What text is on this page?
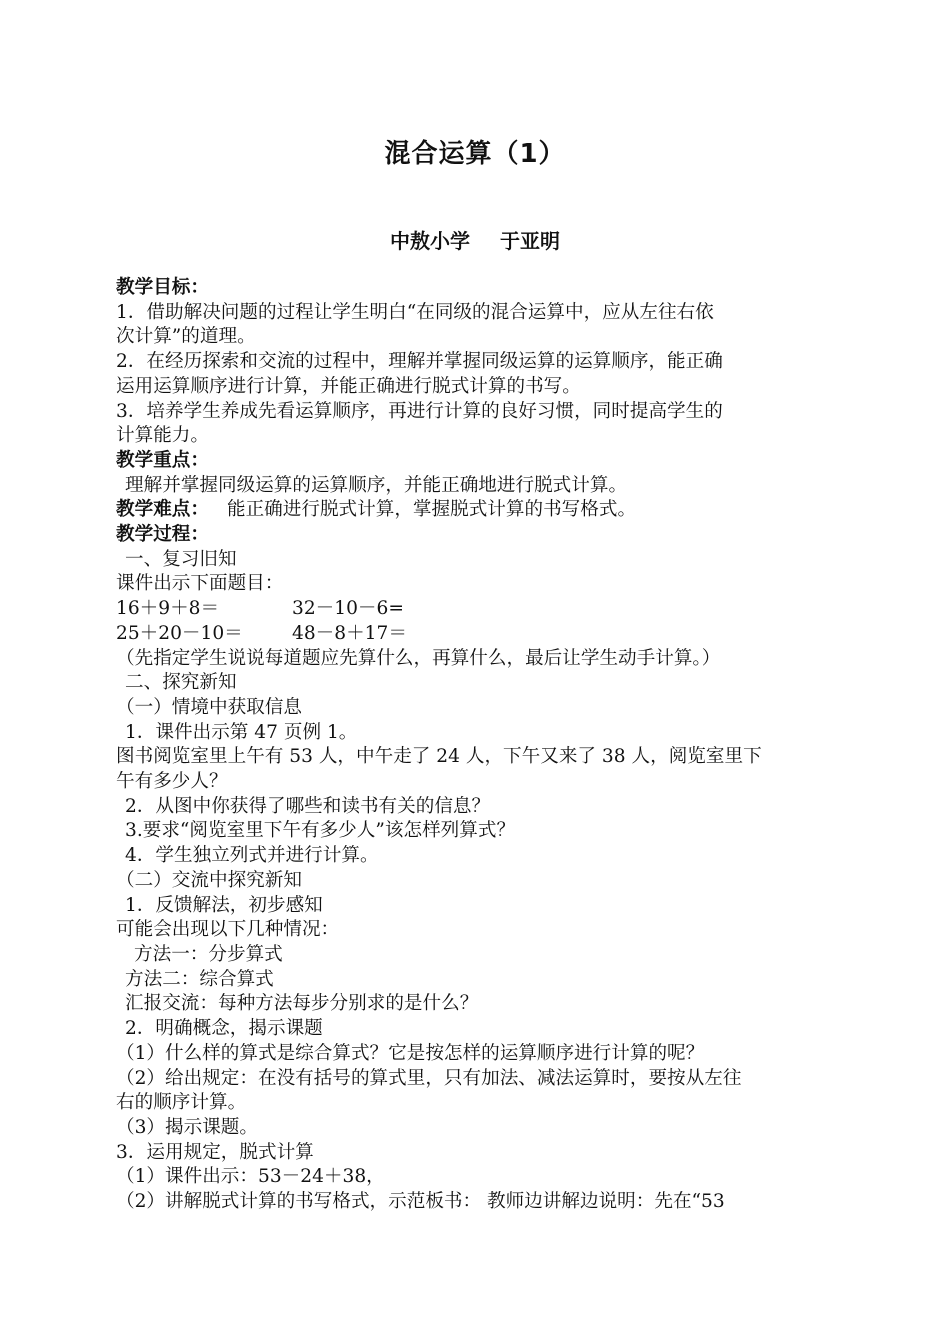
混合运算（1）
中敖小学 于亚明
教学目标：
1．借助解决问题的过程让学生明白“在同级的混合运算中，应从左往右依
次计算”的道理。
2．在经历探索和交流的过程中，理解并掌握同级运算的运算顺序，能正确
运用运算顺序进行计算，并能正确进行脱式计算的书写。
3．培养学生养成先看运算顺序，再进行计算的良好习惯，同时提高学生的
计算能力。
教学重点：
理解并掌握同级运算的运算顺序，并能正确地进行脱式计算。
教学难点： 能正确进行脱式计算，掌握脱式计算的书写格式。
教学过程：
一、复习旧知
课件出示下面题目：
16＋9＋8＝	32－10－6=
25＋20－10＝	48－8＋17＝
（先指定学生说说每道题应先算什么，再算什么，最后让学生动手计算。）
二、探究新知
（一）情境中获取信息
1．课件出示第 47 页例 1。
图书阅览室里上午有 53 人，中午走了 24 人，下午又来了 38 人，阅览室里下
午有多少人？
2．从图中你获得了哪些和读书有关的信息？
3.要求“阅览室里下午有多少人”该怎样列算式？
4．学生独立列式并进行计算。
（二）交流中探究新知
1．反馈解法，初步感知
可能会出现以下几种情况：
方法一：分步算式
方法二：综合算式
汇报交流：每种方法每步分别求的是什么？
2．明确概念，揭示课题
（1）什么样的算式是综合算式？它是按怎样的运算顺序进行计算的呢？
（2）给出规定：在没有括号的算式里，只有加法、减法运算时，要按从左往
右的顺序计算。
（3）揭示课题。
3．运用规定，脱式计算
（1）课件出示：53－24＋38，
（2）讲解脱式计算的书写格式，示范板书： 教师边讲解边说明：先在“53
